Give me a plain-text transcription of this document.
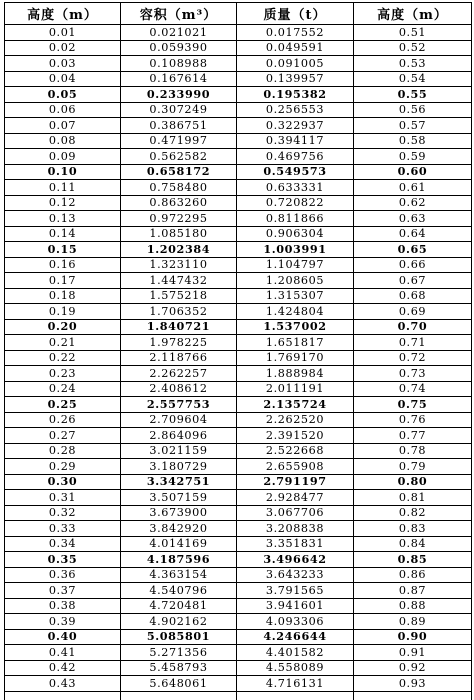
高度（m）	容积（m³）	质量（t）	高度（m）
0.01	0.021021	0.017552	0.51
0.02	0.059390	0.049591	0.52
0.03	0.108988	0.091005	0.53
0.04	0.167614	0.139957	0.54
0.05	0.233990	0.195382	0.55
0.06	0.307249	0.256553	0.56
0.07	0.386751	0.322937	0.57
0.08	0.471997	0.394117	0.58
0.09	0.562582	0.469756	0.59
0.10	0.658172	0.549573	0.60
0.11	0.758480	0.633331	0.61
0.12	0.863260	0.720822	0.62
0.13	0.972295	0.811866	0.63
0.14	1.085180	0.906304	0.64
0.15	1.202384	1.003991	0.65
0.16	1.323110	1.104797	0.66
0.17	1.447432	1.208605	0.67
0.18	1.575218	1.315307	0.68
0.19	1.706352	1.424804	0.69
0.20	1.840721	1.537002	0.70
0.21	1.978225	1.651817	0.71
0.22	2.118766	1.769170	0.72
0.23	2.262257	1.888984	0.73
0.24	2.408612	2.011191	0.74
0.25	2.557753	2.135724	0.75
0.26	2.709604	2.262520	0.76
0.27	2.864096	2.391520	0.77
0.28	3.021159	2.522668	0.78
0.29	3.180729	2.655908	0.79
0.30	3.342751	2.791197	0.80
0.31	3.507159	2.928477	0.81
0.32	3.673900	3.067706	0.82
0.33	3.842920	3.208838	0.83
0.34	4.014169	3.351831	0.84
0.35	4.187596	3.496642	0.85
0.36	4.363154	3.643233	0.86
0.37	4.540796	3.791565	0.87
0.38	4.720481	3.941601	0.88
0.39	4.902162	4.093306	0.89
0.40	5.085801	4.246644	0.90
0.41	5.271356	4.401582	0.91
0.42	5.458793	4.558089	0.92
0.43	5.648061	4.716131	0.93
